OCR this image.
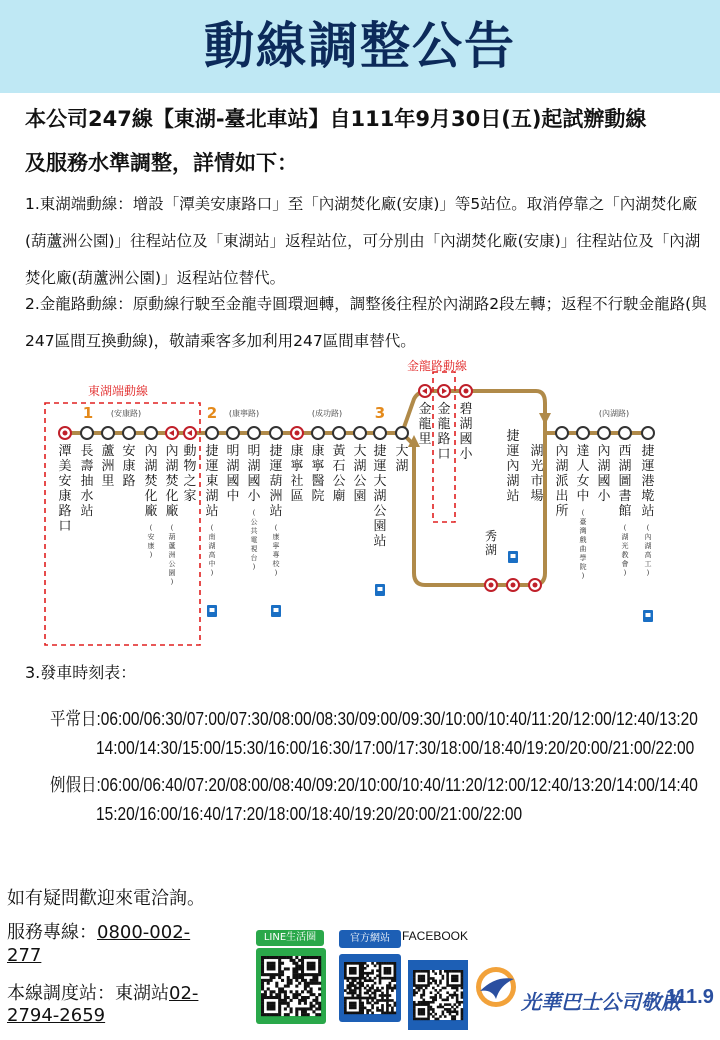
動線調整公告
本公司247線【東湖-臺北車站】自111年9月30日(五)起試辦動線
及服務水準調整，詳情如下：
1.東湖端動線：增設「潭美安康路口」至「內湖焚化廠(安康)」等5站位。取消停靠之「內湖焚化廠(葫蘆洲公園)」往程站位及「東湖站」返程站位，可分別由「內湖焚化廠(安康)」往程站位及「內湖焚化廠(葫蘆洲公園)」返程站位替代。
2.金龍路動線：原動線行駛至金龍寺圓環迴轉，調整後往程於內湖路2段左轉；返程不行駛金龍路(與247區間互換動線)，敬請乘客多加利用247區間車替代。
東湖端動線
金龍路動線
1	2	3
(安康路)	(康寧路)	(成功路)	(內湖路)
潭美安康路口
長壽抽水站
蘆洲里
安康路
內湖焚化廠
(安康)
內湖焚化廠
(葫蘆洲公園)
動物之家
捷運東湖站
(南湖高中)
明湖國中
明湖國小
(公共電視台)
捷運葫洲站
(康寧專校)
康寧社區
康寧醫院
黃石公廟
大湖公園
捷運大湖公園站
大湖
金龍里
金龍路口
碧湖國小
捷運內湖站
湖光市場
秀湖
內湖派出所
達人女中
(臺灣戲曲學院)
內湖國小
西湖圖書館
(湖光教會)
捷運港墘站
(內湖高工)
3.發車時刻表：
平常日:06:00/06:30/07:00/07:30/08:00/08:30/09:00/09:30/10:00/10:40/11:20/12:00/12:40/13:20
14:00/14:30/15:00/15:30/16:00/16:30/17:00/17:30/18:00/18:40/19:20/20:00/21:00/22:00
例假日:06:00/06:40/07:20/08:00/08:40/09:20/10:00/10:40/11:20/12:00/12:40/13:20/14:00/14:40
15:20/16:00/16:40/17:20/18:00/18:40/19:20/20:00/21:00/22:00
如有疑問歡迎來電洽詢。
服務專線：0800-002-
277
本線調度站：東湖站02-
2794-2659
LINE生活圈	官方網站	FACEBOOK
光華巴士公司敬啟
111.9
